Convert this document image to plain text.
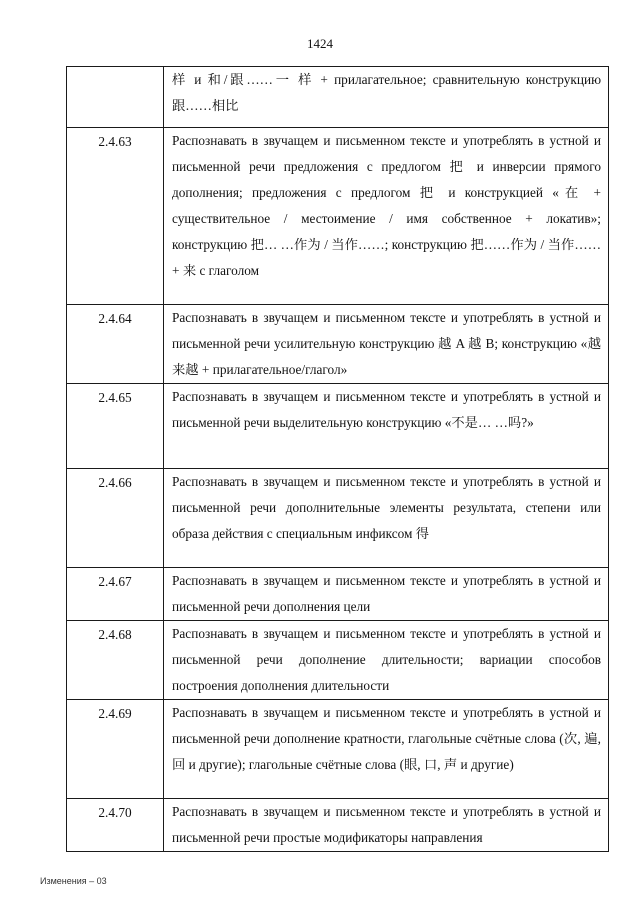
1424
	样 и 和/跟……一 样 + прилагательное; сравнительную конструкцию 跟……相比
2.4.63	Распознавать в звучащем и письменном тексте и употреблять в устной и письменной речи предложения с предлогом 把 и инверсии прямого дополнения; предложения с предлогом 把 и конструкцией «在 + существительное / местоимение / имя собственное + локатив»; конструкцию 把… …作为 / 当作……; конструкцию 把……作为 / 当作…… + 来 с глаголом
2.4.64	Распознавать в звучащем и письменном тексте и употреблять в устной и письменной речи усилительную конструкцию 越 A 越 B; конструкцию «越来越 + прилагательное/глагол»
2.4.65	Распознавать в звучащем и письменном тексте и употреблять в устной и письменной речи выделительную конструкцию «不是… …吗?»
2.4.66	Распознавать в звучащем и письменном тексте и употреблять в устной и письменной речи дополнительные элементы результата, степени или образа действия с специальным инфиксом 得
2.4.67	Распознавать в звучащем и письменном тексте и употреблять в устной и письменной речи дополнения цели
2.4.68	Распознавать в звучащем и письменном тексте и употреблять в устной и письменной речи дополнение длительности; вариации способов построения дополнения длительности
2.4.69	Распознавать в звучащем и письменном тексте и употреблять в устной и письменной речи дополнение кратности, глагольные счётные слова (次, 遍, 回 и другие); глагольные счётные слова (眼, 口, 声 и другие)
2.4.70	Распознавать в звучащем и письменном тексте и употреблять в устной и письменной речи простые модификаторы направления
Изменения – 03
